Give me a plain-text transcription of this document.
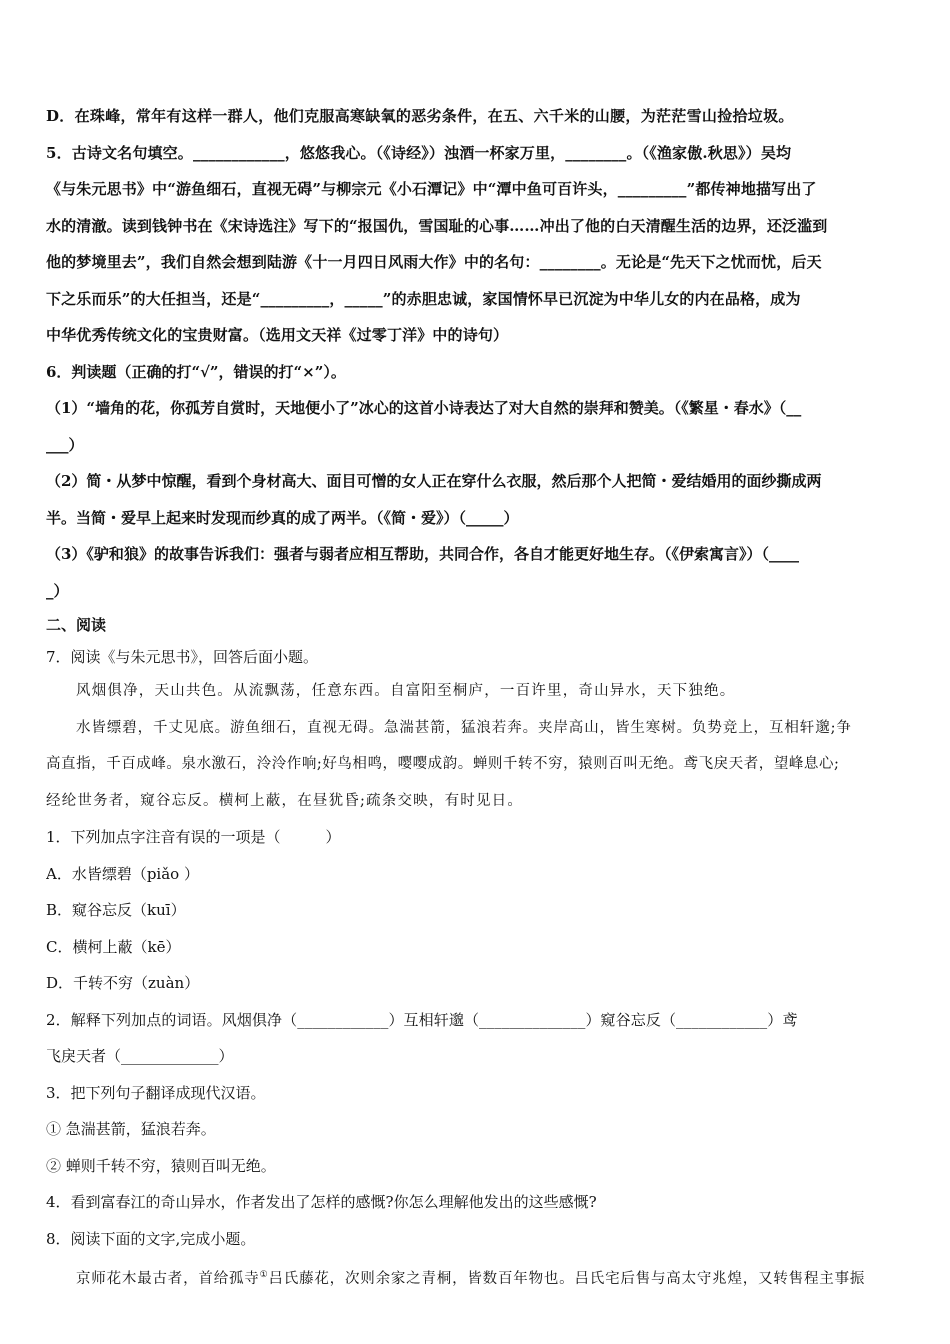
D．在珠峰，常年有这样一群人，他们克服高寒缺氧的恶劣条件，在五、六千米的山腰，为茫茫雪山捡拾垃圾。
5．古诗文名句填空。____________，悠悠我心。（《诗经》）浊酒一杯家万里，________。（《渔家傲.秋思》）吴均
《与朱元思书》中“游鱼细石，直视无碍”与柳宗元《小石潭记》中“潭中鱼可百许头，_________”都传神地描写出了
水的清澈。读到钱钟书在《宋诗选注》写下的“报国仇，雪国耻的心事……冲出了他的白天清醒生活的边界，还泛滥到
他的梦境里去”，我们自然会想到陆游《十一月四日风雨大作》中的名句：________。无论是“先天下之忧而忧，后天
下之乐而乐”的大任担当，还是“_________，_____”的赤胆忠诚，家国情怀早已沉淀为中华儿女的内在品格，成为
中华优秀传统文化的宝贵财富。（选用文天祥《过零丁洋》中的诗句）
6．判读题（正确的打“√”，错误的打“×”）。
（1）“墙角的花，你孤芳自赏时，天地便小了”冰心的这首小诗表达了对大自然的崇拜和赞美。（《繁星・春水》（__
___）
（2）简・从梦中惊醒，看到个身材高大、面目可憎的女人正在穿什么衣服，然后那个人把简・爱结婚用的面纱撕成两
半。当简・爱早上起来时发现而纱真的成了两半。（《简・爱》）（_____）
（3）《驴和狼》的故事告诉我们：强者与弱者应相互帮助，共同合作，各自才能更好地生存。（《伊索寓言》）（____
_）
二、阅读
7．阅读《与朱元思书》，回答后面小题。
风烟俱净，天山共色。从流飘荡，任意东西。自富阳至桐庐，一百许里，奇山异水，天下独绝。
水皆缥碧，千丈见底。游鱼细石，直视无碍。急湍甚箭，猛浪若奔。夹岸高山，皆生寒树。负势竞上，互相轩邈;争
高直指，千百成峰。泉水激石，泠泠作响;好鸟相鸣，嘤嘤成韵。蝉则千转不穷，猿则百叫无绝。鸢飞戾天者，望峰息心;
经纶世务者，窥谷忘反。横柯上蔽，在昼犹昏;疏条交映，有时见日。
1．下列加点字注音有误的一项是（　　　）
A．水皆缥碧（piǎo ）
B．窥谷忘反（kuī）
C．横柯上蔽（kē）
D．千转不穷（zuàn）
2．解释下列加点的词语。风烟俱净（____________）互相轩邈（______________）窥谷忘反（____________）鸢
飞戾天者（_____________）
3．把下列句子翻译成现代汉语。
① 急湍甚箭，猛浪若奔。
② 蝉则千转不穷，猿则百叫无绝。
4．看到富春江的奇山异水，作者发出了怎样的感慨?你怎么理解他发出的这些感慨?
8．阅读下面的文字,完成小题。
京师花木最古者，首给孤寺①吕氏藤花，次则余家之青桐，皆数百年物也。吕氏宅后售与高太守兆煌，又转售程主事振
